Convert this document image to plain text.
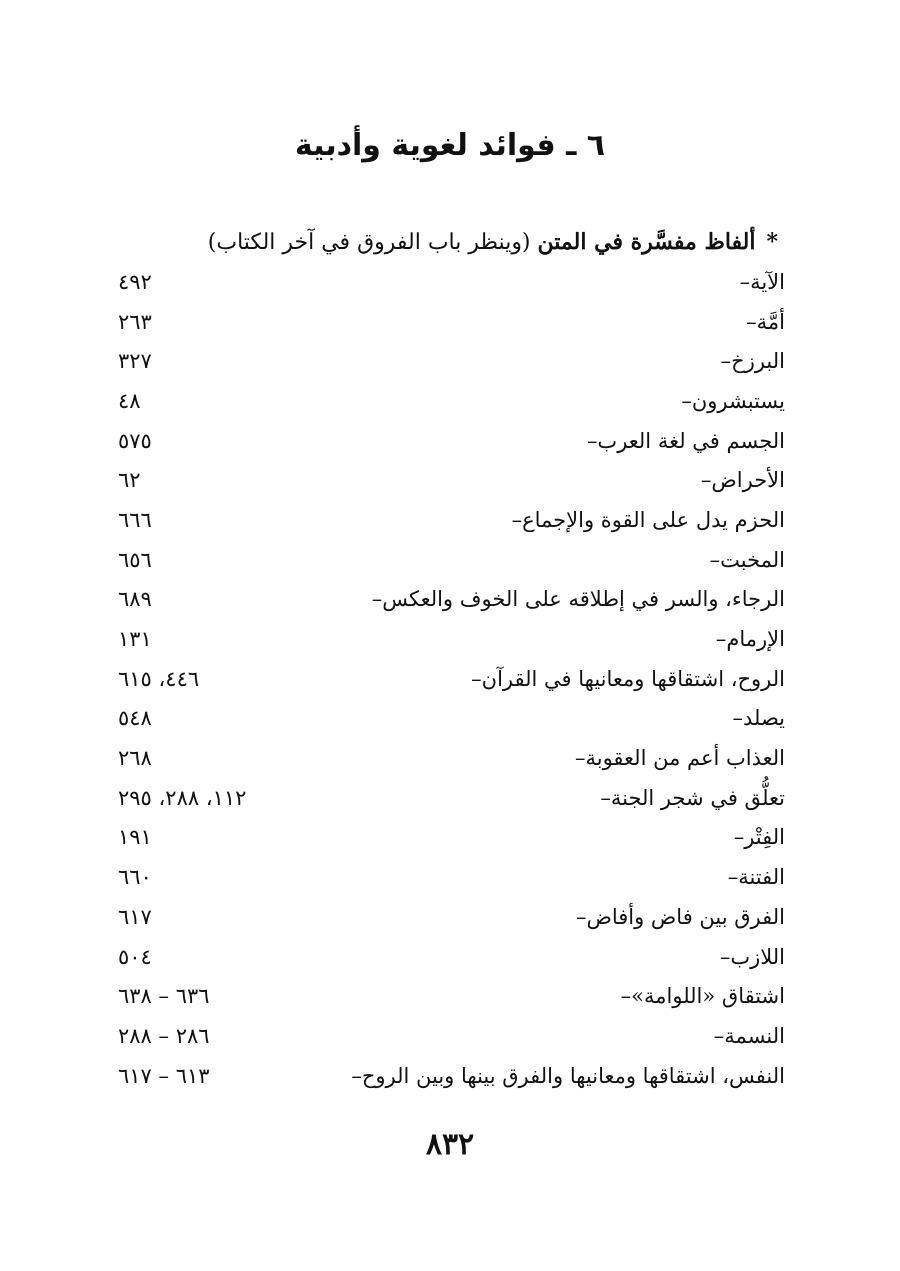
٦ ـ فوائد لغوية وأدبية
* ألفاظ مفسَّرة في المتن (وينظر باب الفروق في آخر الكتاب)
٤٩٢	– الآية
٢٦٣	– أمَّة
٣٢٧	– البرزخ
٤٨	– يستبشرون
٥٧٥	– الجسم في لغة العرب
٦٢	– الأحراض
٦٦٦	– الحزم يدل على القوة والإجماع
٦٥٦	– المخبت
٦٨٩	– الرجاء، والسر في إطلاقه على الخوف والعكس
١٣١	– الإرمام
٤٤٦، ٦١٥	– الروح، اشتقاقها ومعانيها في القرآن
٥٤٨	– يصلد
٢٦٨	– العذاب أعم من العقوبة
١١٢، ٢٨٨، ٢٩٥	– تعلُّق في شجر الجنة
١٩١	– الفِتْر
٦٦٠	– الفتنة
٦١٧	– الفرق بين فاض وأفاض
٥٠٤	– اللازب
٦٣٦ – ٦٣٨	– اشتقاق «اللوامة»
٢٨٦ – ٢٨٨	– النسمة
٦١٣ – ٦١٧	– النفس، اشتقاقها ومعانيها والفرق بينها وبين الروح
٨٣٢
